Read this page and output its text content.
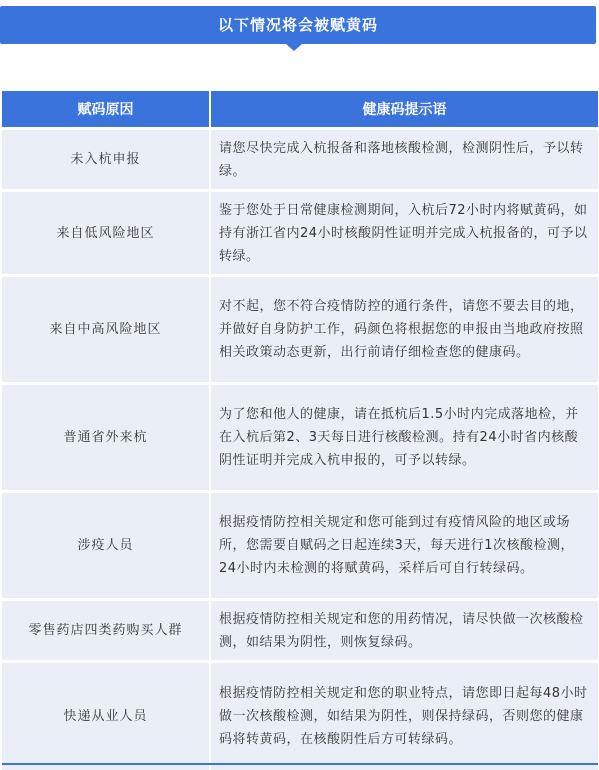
以下情况将会被赋黄码
赋码原因	健康码提示语
未入杭申报	请您尽快完成入杭报备和落地核酸检测，检测阴性后，予以转绿。
来自低风险地区	鉴于您处于日常健康检测期间，入杭后72小时内将赋黄码，如持有浙江省内24小时核酸阴性证明并完成入杭报备的，可予以转绿。
来自中高风险地区	对不起，您不符合疫情防控的通行条件，请您不要去目的地，并做好自身防护工作，码颜色将根据您的申报由当地政府按照相关政策动态更新，出行前请仔细检查您的健康码。
普通省外来杭	为了您和他人的健康，请在抵杭后1.5小时内完成落地检，并在入杭后第2、3天每日进行核酸检测。持有24小时省内核酸阴性证明并完成入杭申报的，可予以转绿。
涉疫人员	根据疫情防控相关规定和您可能到过有疫情风险的地区或场所，您需要自赋码之日起连续3天，每天进行1次核酸检测，24小时内未检测的将赋黄码，采样后可自行转绿码。
零售药店四类药购买人群	根据疫情防控相关规定和您的用药情况，请尽快做一次核酸检测，如结果为阴性，则恢复绿码。
快递从业人员	根据疫情防控相关规定和您的职业特点，请您即日起每48小时做一次核酸检测，如结果为阴性，则保持绿码，否则您的健康码将转黄码，在核酸阴性后方可转绿码。
